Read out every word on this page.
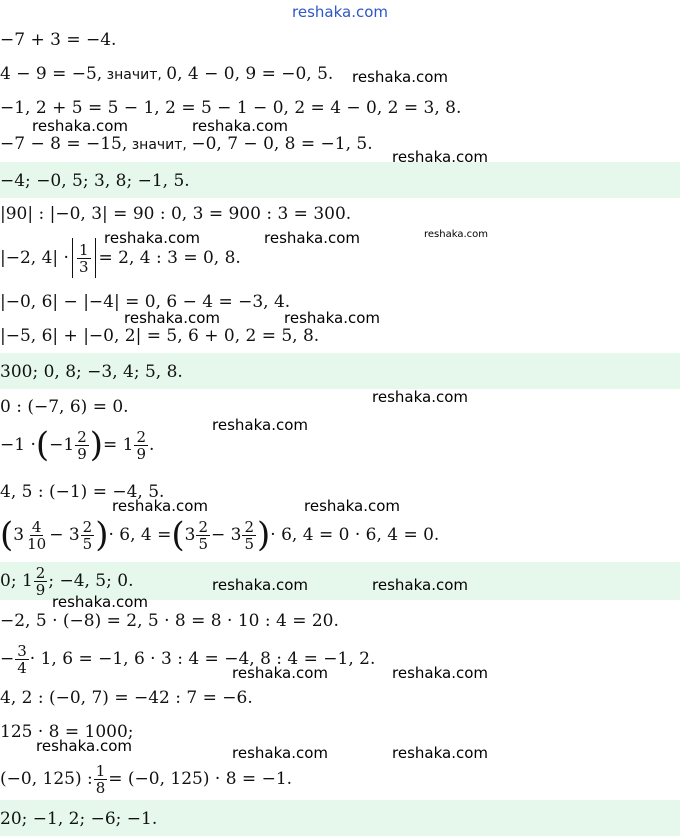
reshaka.com
−7 + 3 = −4.
4 − 9 = −5, значит, 0, 4 − 0, 9 = −0, 5.
−1, 2 + 5 = 5 − 1, 2 = 5 − 1 − 0, 2 = 4 − 0, 2 = 3, 8.
−7 − 8 = −15, значит, −0, 7 − 0, 8 = −1, 5.
−4; −0, 5; 3, 8; −1, 5.
|90| : |−0, 3| = 90 : 0, 3 = 900 : 3 = 300.
|−2, $4| \cdot \frac{1}{3} = 2$, 4 : 3 = 0, 8.
|−0, 6| − |−4| = 0, 6 − 4 = −3, 4.
|−5, 6| + |−0, 2| = 5, 6 + 0, 2 = 5, 8.
300; 0, 8; −3, 4; 5, 8.
0 : (−7, 6) = 0.
−1 · ( $-1 \frac{2}{9}$ ) = $1 \frac{2}{9}$ .
4, 5 : (−1) = −4, 5.
( $3 \frac{4}{10} - 3 \frac{2}{5}$ ) · 6, 4 = ( $3 \frac{2}{5} - 3 \frac{2}{5}$ ) · 6, 4 = 0 · 6, 4 = 0.
0; $1 \frac{2}{9}$ ; −4, 5; 0.
−2, 5 · (−8) = 2, 5 · 8 = 8 · 10 : 4 = 20.
− $\frac{3}{4} \cdot 1$, 6 = −1, 6 · 3 : 4 = −4, 8 : 4 = −1, 2.
4, 2 : (−0, 7) = −42 : 7 = −6.
125 · 8 = 1000;
(−0, 125) : $\frac{1}{8} = (-0$, 125) · 8 = −1.
20; −1, 2; −6; −1.
reshaka.com
reshaka.com	reshaka.com
reshaka.com
reshaka.com	reshaka.com	reshaka.com
reshaka.com	reshaka.com
reshaka.com
reshaka.com
reshaka.com	reshaka.com
reshaka.com	reshaka.com
reshaka.com
reshaka.com	reshaka.com
reshaka.com	reshaka.com	reshaka.com
